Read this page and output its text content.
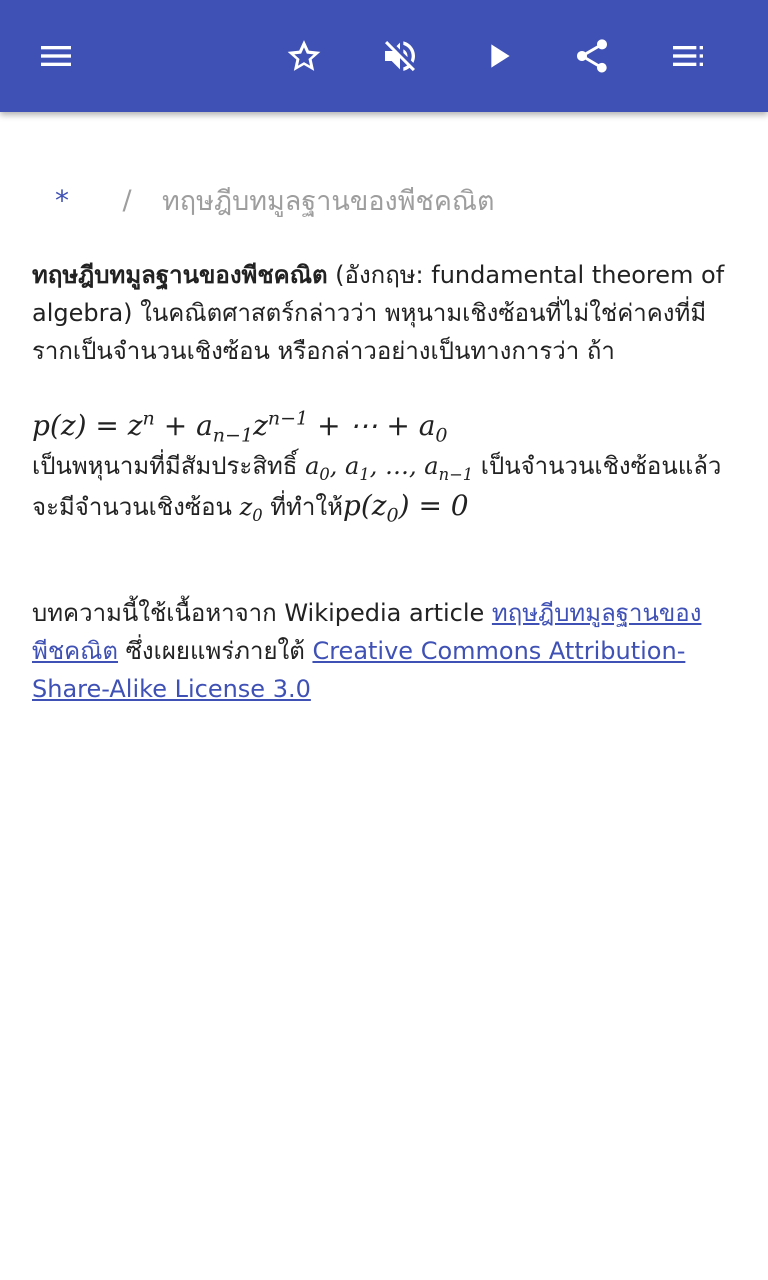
*	/	ทฤษฎีบทมูลฐานของพีชคณิต
ทฤษฎีบทมูลฐานของพีชคณิต (อังกฤษ: fundamental theorem of algebra) ในคณิตศาสตร์กล่าวว่า พหุนามเชิงซ้อนที่ไม่ใช่ค่าคงที่มีรากเป็นจำนวนเชิงซ้อน หรือกล่าวอย่างเป็นทางการว่า ถ้า
$p(z) = z^n + a_{n-1}z^{n-1}$ + ⋯ + $a_0$
เป็นพหุนามที่มีสัมประสิทธิ์ $a_0$, $a_1$, …, $a_{n-1}$ เป็นจำนวนเชิงซ้อนแล้ว จะมีจำนวนเชิงซ้อน $z_0$ ที่ทำให้$p(z_0) = 0$
บทความนี้ใช้เนื้อหาจาก Wikipedia article ทฤษฎีบทมูลฐานของพีชคณิต ซึ่งเผยแพร่ภายใต้ Creative Commons Attribution-Share-Alike License 3.0
